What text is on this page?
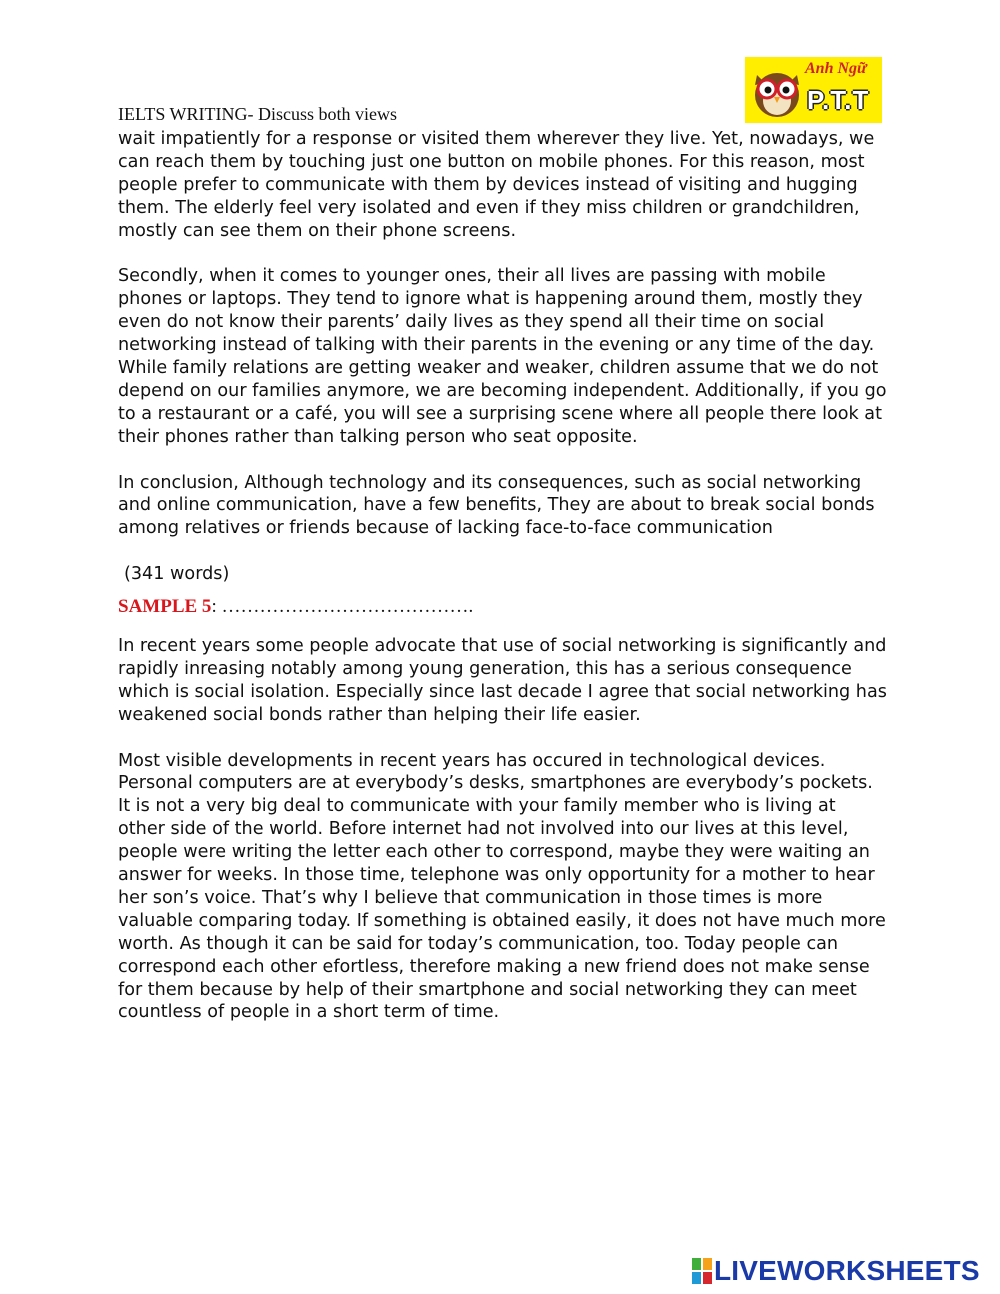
IELTS WRITING- Discuss both views
Anh Ngữ
P.T.T

wait impatiently for a response or visited them wherever they live. Yet, nowadays, we can reach them by touching just one button on mobile phones. For this reason, most people prefer to communicate with them by devices instead of visiting and hugging them. The elderly feel very isolated and even if they miss children or grandchildren, mostly can see them on their phone screens.

Secondly, when it comes to younger ones, their all lives are passing with mobile phones or laptops. They tend to ignore what is happening around them, mostly they even do not know their parents’ daily lives as they spend all their time on social networking instead of talking with their parents in the evening or any time of the day. While family relations are getting weaker and weaker, children assume that we do not depend on our families anymore, we are becoming independent. Additionally, if you go to a restaurant or a café, you will see a surprising scene where all people there look at their phones rather than talking person who seat opposite.

In conclusion, Although technology and its consequences, such as social networking and online communication, have a few benefits, They are about to break social bonds among relatives or friends because of lacking face-to-face communication

(341 words)

SAMPLE 5: ………………………………….

In recent years some people advocate that use of social networking is significantly and rapidly inreasing notably among young generation, this has a serious consequence which is social isolation. Especially since last decade I agree that social networking has weakened social bonds rather than helping their life easier.

Most visible developments in recent years has occured in technological devices. Personal computers are at everybody’s desks, smartphones are everybody’s pockets. It is not a very big deal to communicate with your family member who is living at other side of the world. Before internet had not involved into our lives at this level, people were writing the letter each other to correspond, maybe they were waiting an answer for weeks. In those time, telephone was only opportunity for a mother to hear her son’s voice. That’s why I believe that communication in those times is more valuable comparing today. If something is obtained easily, it does not have much more worth. As though it can be said for today’s communication, too. Today people can correspond each other efortless, therefore making a new friend does not make sense for them because by help of their smartphone and social networking they can meet countless of people in a short term of time.

LIVEWORKSHEETS
